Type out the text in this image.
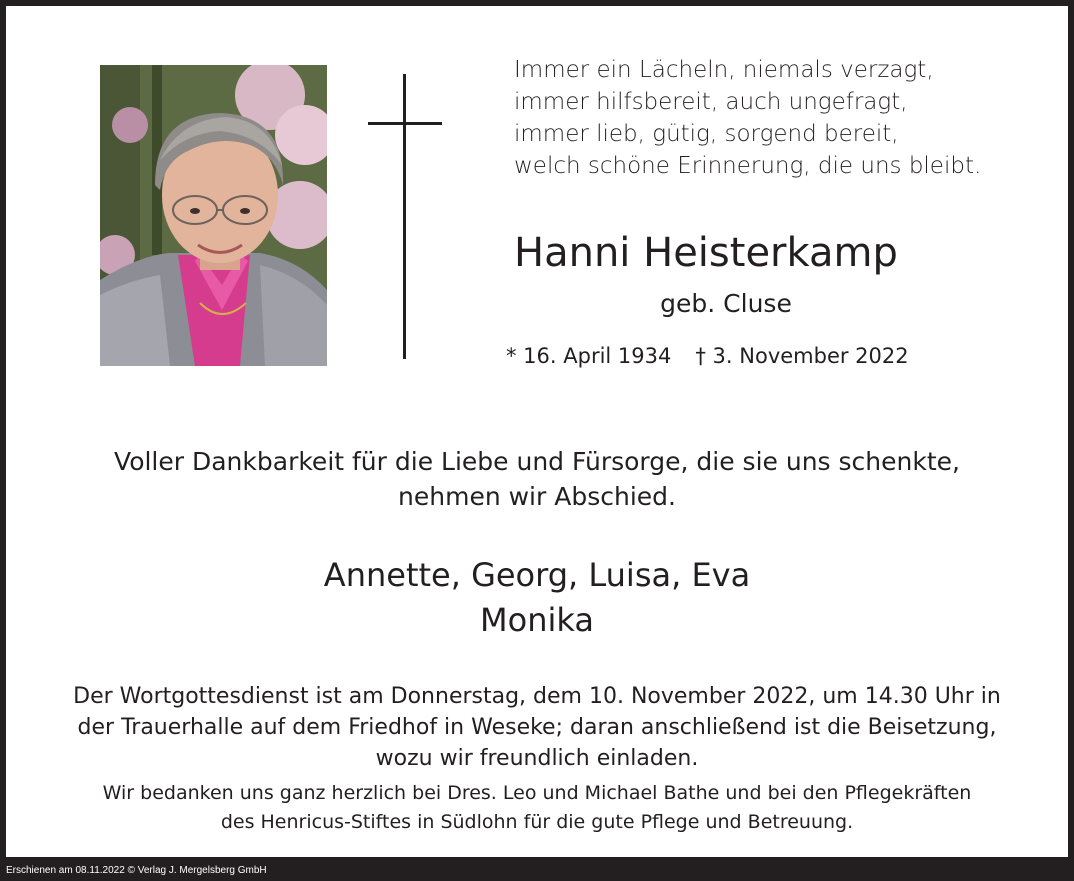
Immer ein Lächeln, niemals verzagt,
immer hilfsbereit, auch ungefragt,
immer lieb, gütig, sorgend bereit,
welch schöne Erinnerung, die uns bleibt.
Hanni Heisterkamp
geb. Cluse
* 16. April 1934 † 3. November 2022
Voller Dankbarkeit für die Liebe und Fürsorge, die sie uns schenkte,
nehmen wir Abschied.
Annette, Georg, Luisa, Eva
Monika
Der Wortgottesdienst ist am Donnerstag, dem 10. November 2022, um 14.30 Uhr in
der Trauerhalle auf dem Friedhof in Weseke; daran anschließend ist die Beisetzung,
wozu wir freundlich einladen.
Wir bedanken uns ganz herzlich bei Dres. Leo und Michael Bathe und bei den Pflegekräften
des Henricus-Stiftes in Südlohn für die gute Pflege und Betreuung.
Erschienen am 08.11.2022 © Verlag J. Mergelsberg GmbH
